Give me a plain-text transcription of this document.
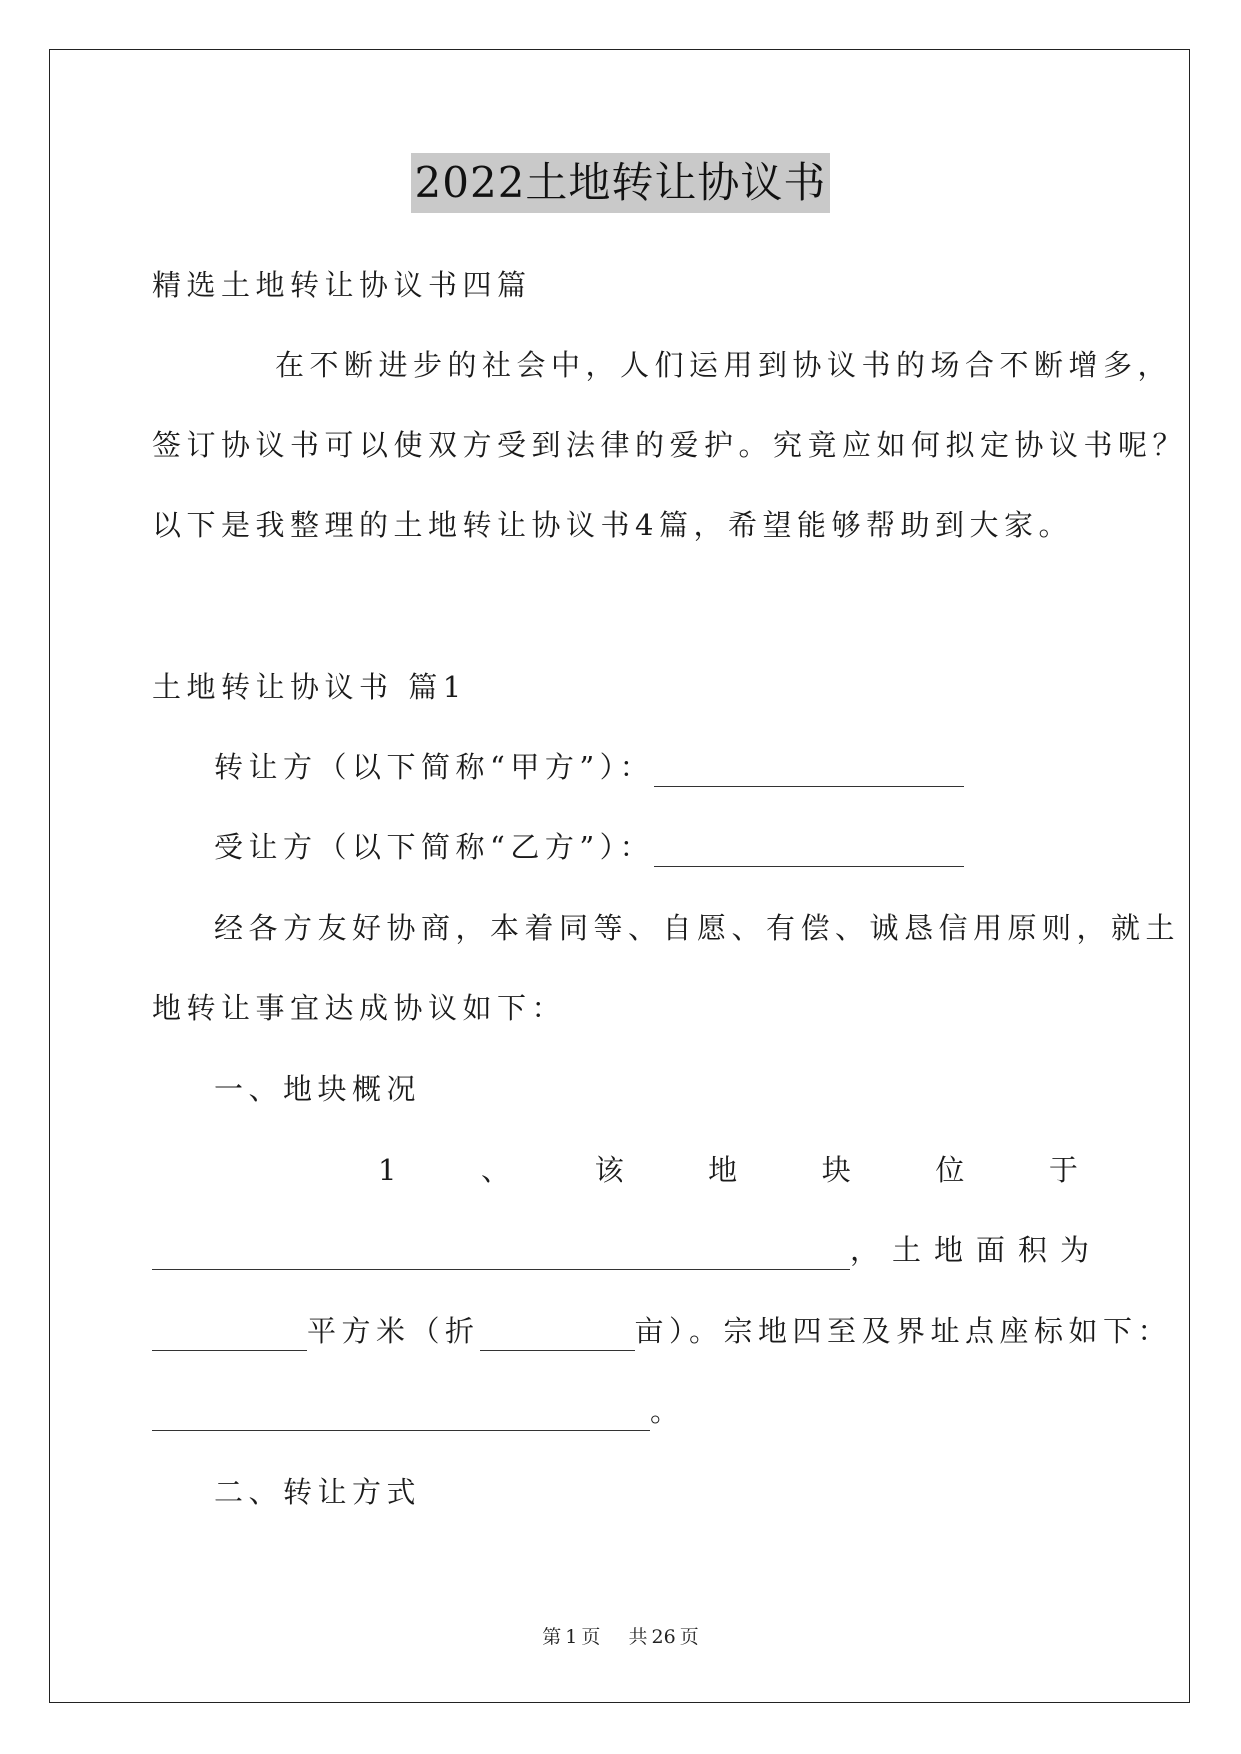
2022土地转让协议书
精选土地转让协议书四篇
在不断进步的社会中，人们运用到协议书的场合不断增多，
签订协议书可以使双方受到法律的爱护。究竟应如何拟定协议书呢？
以下是我整理的土地转让协议书4篇，希望能够帮助到大家。
土地转让协议书 篇1
转让方（以下简称“甲方”）：
受让方（以下简称“乙方”）：
经各方友好协商，本着同等、自愿、有偿、诚恳信用原则，就土
地转让事宜达成协议如下：
一、地块概况
1	、	该	地	块	位	于
，土地面积为
平方米（折	亩）。宗地四至及界址点座标如下：
。
二、转让方式
第 1 页 共 26 页
